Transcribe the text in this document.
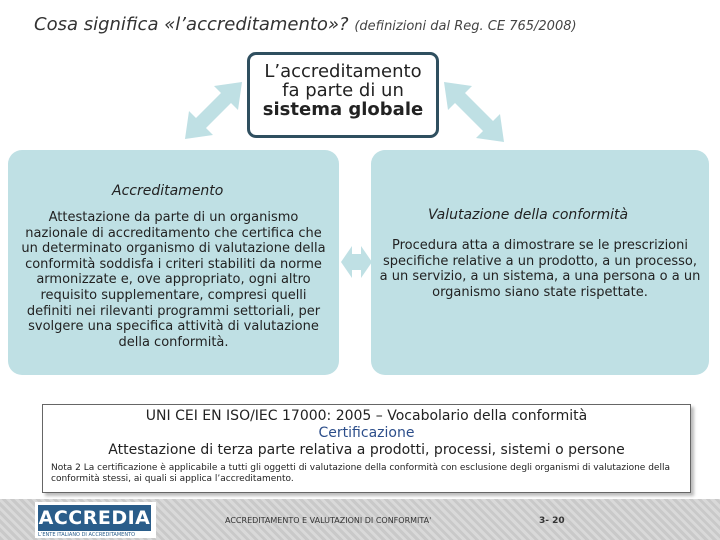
Cosa significa «l’accreditamento»? (definizioni dal Reg. CE 765/2008)
L’accreditamento
fa parte di un
sistema globale
Accreditamento
Attestazione da parte di un organismo nazionale di accreditamento che certifica che un determinato organismo di valutazione della conformità soddisfa i criteri stabiliti da norme armonizzate e, ove appropriato, ogni altro requisito supplementare, compresi quelli definiti nei rilevanti programmi settoriali, per svolgere una specifica attività di valutazione della conformità.
Valutazione della conformità
Procedura atta a dimostrare se le prescrizioni specifiche relative a un prodotto, a un processo, a un servizio, a un sistema, a una persona o a un organismo siano state rispettate.
UNI CEI EN ISO/IEC 17000: 2005 – Vocabolario della conformità
Certificazione
Attestazione di terza parte relativa a prodotti, processi, sistemi o persone
Nota 2 La certificazione è applicabile a tutti gli oggetti di valutazione della conformità con esclusione degli organismi di valutazione della conformità stessi, ai quali si applica l’accreditamento.
ACCREDIA
L’ENTE ITALIANO DI ACCREDITAMENTO
ACCREDITAMENTO E VALUTAZIONI DI CONFORMITA'	3- 20
